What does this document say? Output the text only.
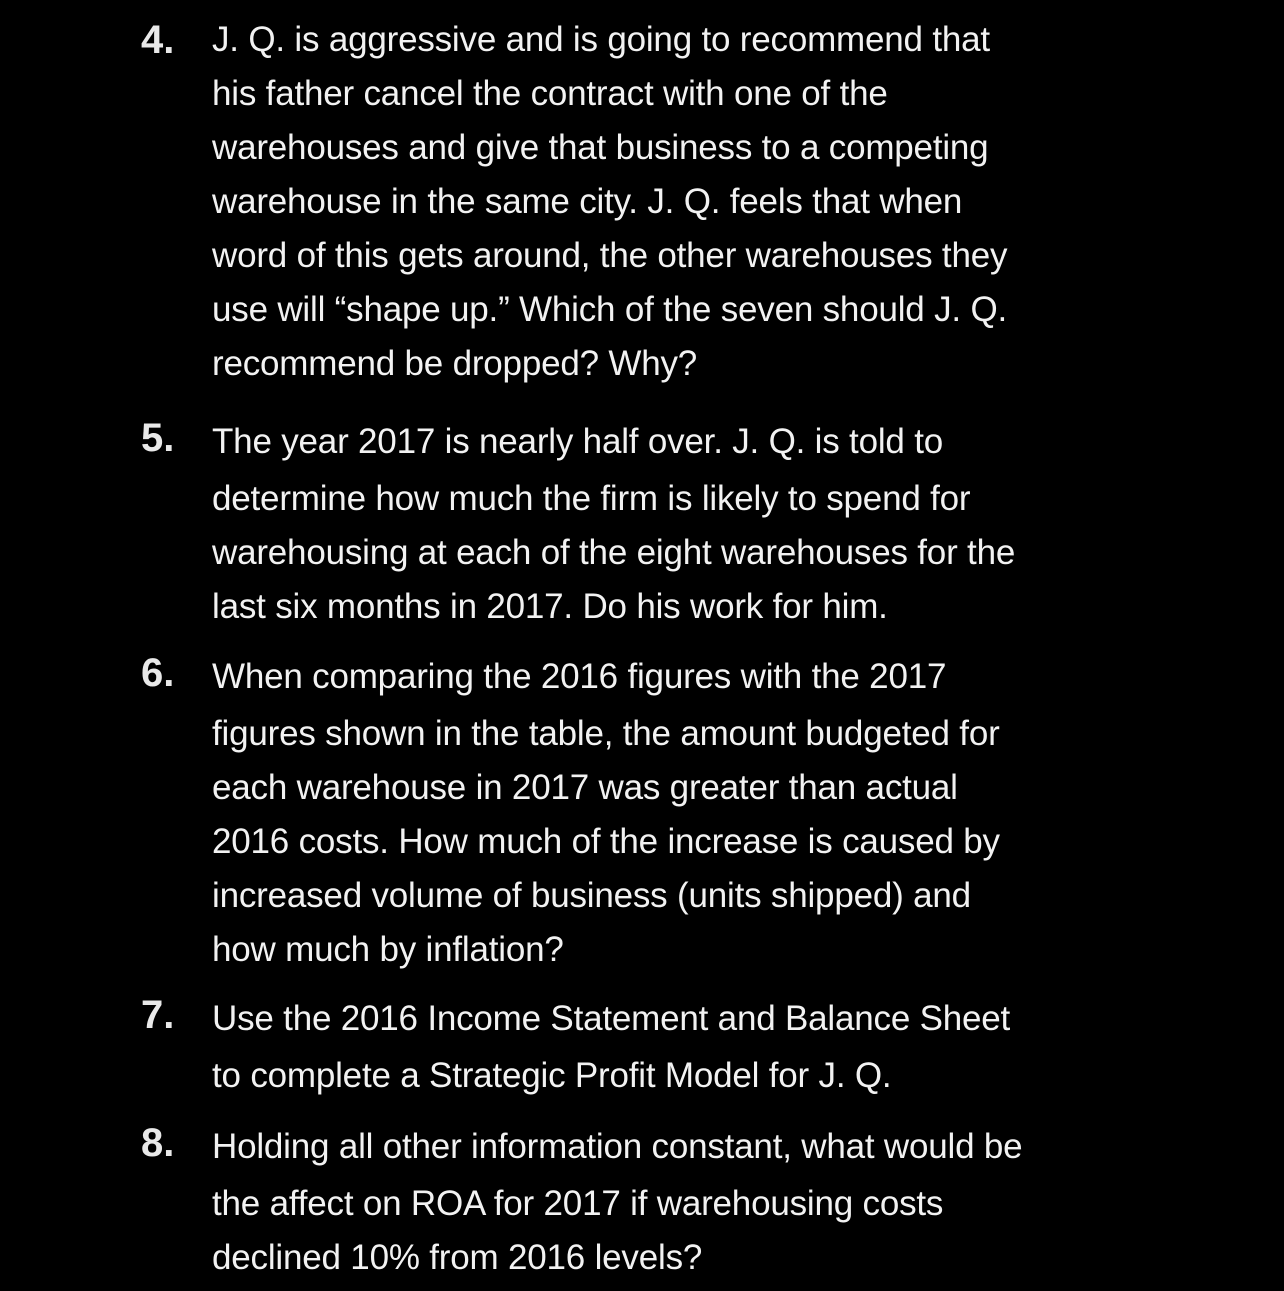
4. J. Q. is aggressive and is going to recommend that
his father cancel the contract with one of the
warehouses and give that business to a competing
warehouse in the same city. J. Q. feels that when
word of this gets around, the other warehouses they
use will “shape up.” Which of the seven should J. Q.
recommend be dropped? Why?
5. The year 2017 is nearly half over. J. Q. is told to
determine how much the firm is likely to spend for
warehousing at each of the eight warehouses for the
last six months in 2017. Do his work for him.
6. When comparing the 2016 figures with the 2017
figures shown in the table, the amount budgeted for
each warehouse in 2017 was greater than actual
2016 costs. How much of the increase is caused by
increased volume of business (units shipped) and
how much by inflation?
7. Use the 2016 Income Statement and Balance Sheet
to complete a Strategic Profit Model for J. Q.
8. Holding all other information constant, what would be
the affect on ROA for 2017 if warehousing costs
declined 10% from 2016 levels?
